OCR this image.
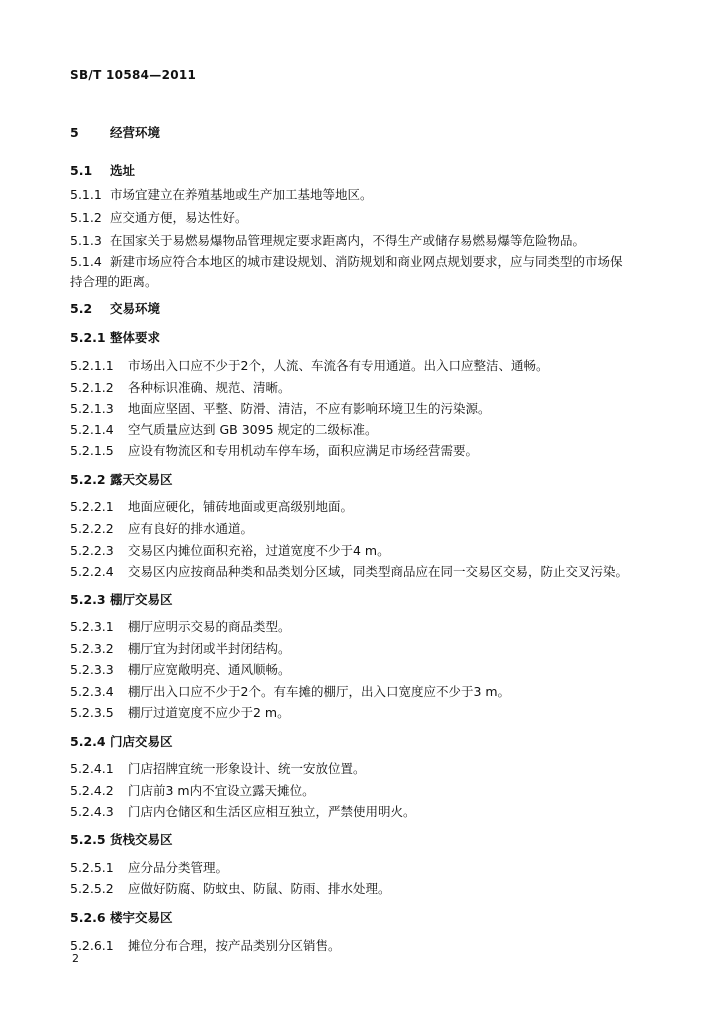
SB/T 10584—2011
5	经营环境
5.1 选址
5.1.1 市场宜建立在养殖基地或生产加工基地等地区。
5.1.2 应交通方便，易达性好。
5.1.3 在国家关于易燃易爆物品管理规定要求距离内，不得生产或储存易燃易爆等危险物品。
5.1.4 新建市场应符合本地区的城市建设规划、消防规划和商业网点规划要求，应与同类型的市场保
持合理的距离。
5.2 交易环境
5.2.1 整体要求
5.2.1.1 市场出入口应不少于2个，人流、车流各有专用通道。出入口应整洁、通畅。
5.2.1.2 各种标识准确、规范、清晰。
5.2.1.3 地面应坚固、平整、防滑、清洁，不应有影响环境卫生的污染源。
5.2.1.4 空气质量应达到 GB 3095 规定的二级标准。
5.2.1.5 应设有物流区和专用机动车停车场，面积应满足市场经营需要。
5.2.2 露天交易区
5.2.2.1 地面应硬化，铺砖地面或更高级别地面。
5.2.2.2 应有良好的排水通道。
5.2.2.3 交易区内摊位面积充裕，过道宽度不少于4 m。
5.2.2.4 交易区内应按商品种类和品类划分区域，同类型商品应在同一交易区交易，防止交叉污染。
5.2.3 棚厅交易区
5.2.3.1 棚厅应明示交易的商品类型。
5.2.3.2 棚厅宜为封闭或半封闭结构。
5.2.3.3 棚厅应宽敞明亮、通风顺畅。
5.2.3.4 棚厅出入口应不少于2个。有车摊的棚厅，出入口宽度应不少于3 m。
5.2.3.5 棚厅过道宽度不应少于2 m。
5.2.4 门店交易区
5.2.4.1 门店招牌宜统一形象设计、统一安放位置。
5.2.4.2 门店前3 m内不宜设立露天摊位。
5.2.4.3 门店内仓储区和生活区应相互独立，严禁使用明火。
5.2.5 货栈交易区
5.2.5.1 应分品分类管理。
5.2.5.2 应做好防腐、防蚊虫、防鼠、防雨、排水处理。
5.2.6 楼宇交易区
5.2.6.1 摊位分布合理，按产品类别分区销售。
2
